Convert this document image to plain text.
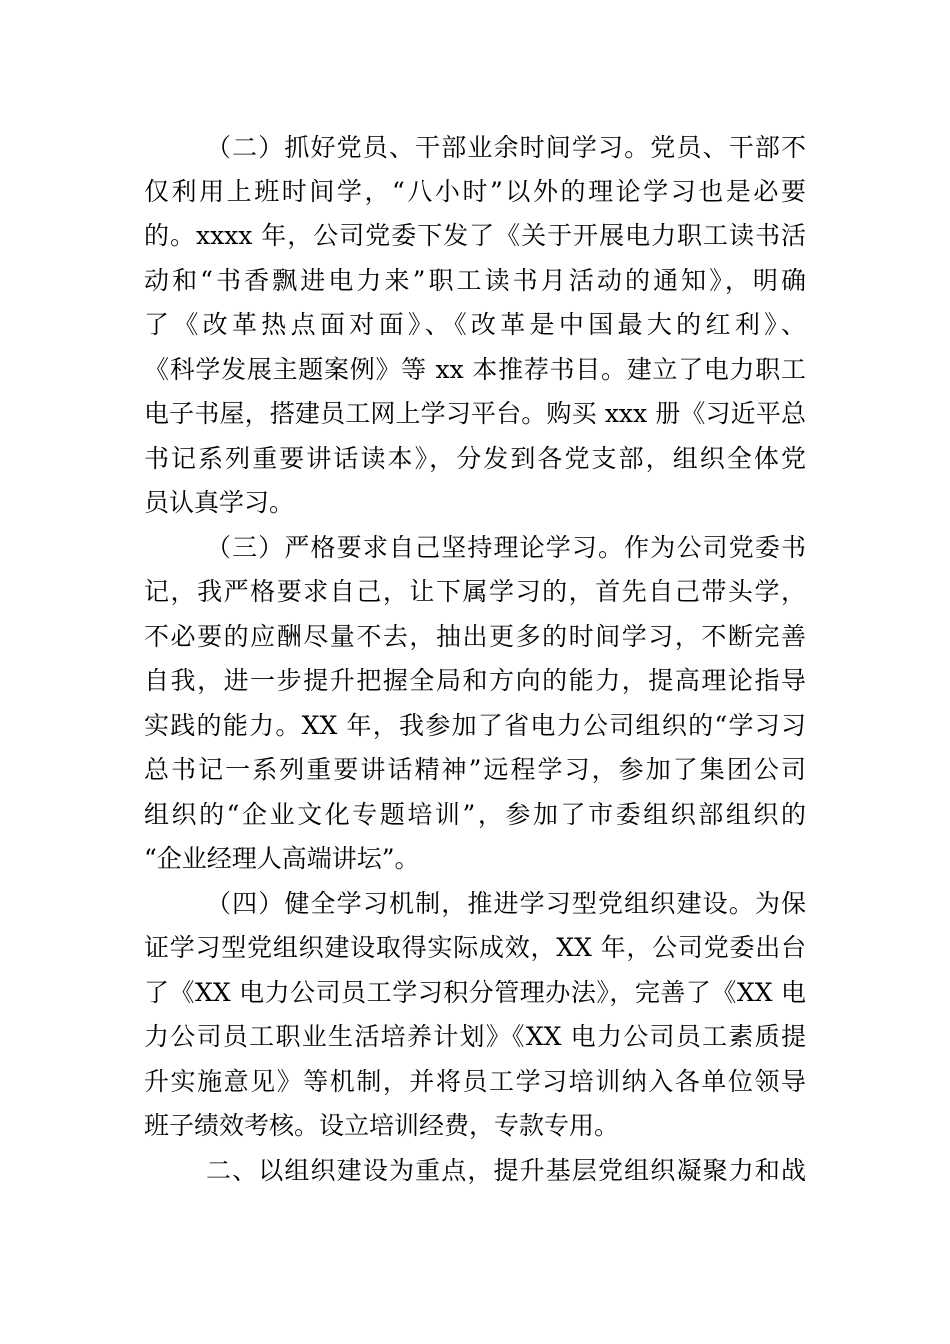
（二）抓好党员、干部业余时间学习。党员、干部不
仅利用上班时间学，“八小时”以外的理论学习也是必要
的。xxxx 年，公司党委下发了《关于开展电力职工读书活
动和“书香飘进电力来”职工读书月活动的通知》，明确
了《改革热点面对面》、《改革是中国最大的红利》、
《科学发展主题案例》等 xx 本推荐书目。建立了电力职工
电子书屋，搭建员工网上学习平台。购买 xxx 册《习近平总
书记系列重要讲话读本》，分发到各党支部，组织全体党
员认真学习。
（三）严格要求自己坚持理论学习。作为公司党委书
记，我严格要求自己，让下属学习的，首先自己带头学，
不必要的应酬尽量不去，抽出更多的时间学习，不断完善
自我，进一步提升把握全局和方向的能力，提高理论指导
实践的能力。XX 年，我参加了省电力公司组织的“学习习
总书记一系列重要讲话精神”远程学习，参加了集团公司
组织的“企业文化专题培训”，参加了市委组织部组织的
“企业经理人高端讲坛”。
（四）健全学习机制，推进学习型党组织建设。为保
证学习型党组织建设取得实际成效，XX 年，公司党委出台
了《XX 电力公司员工学习积分管理办法》，完善了《XX 电
力公司员工职业生活培养计划》《XX 电力公司员工素质提
升实施意见》等机制，并将员工学习培训纳入各单位领导
班子绩效考核。设立培训经费，专款专用。
二、以组织建设为重点，提升基层党组织凝聚力和战
